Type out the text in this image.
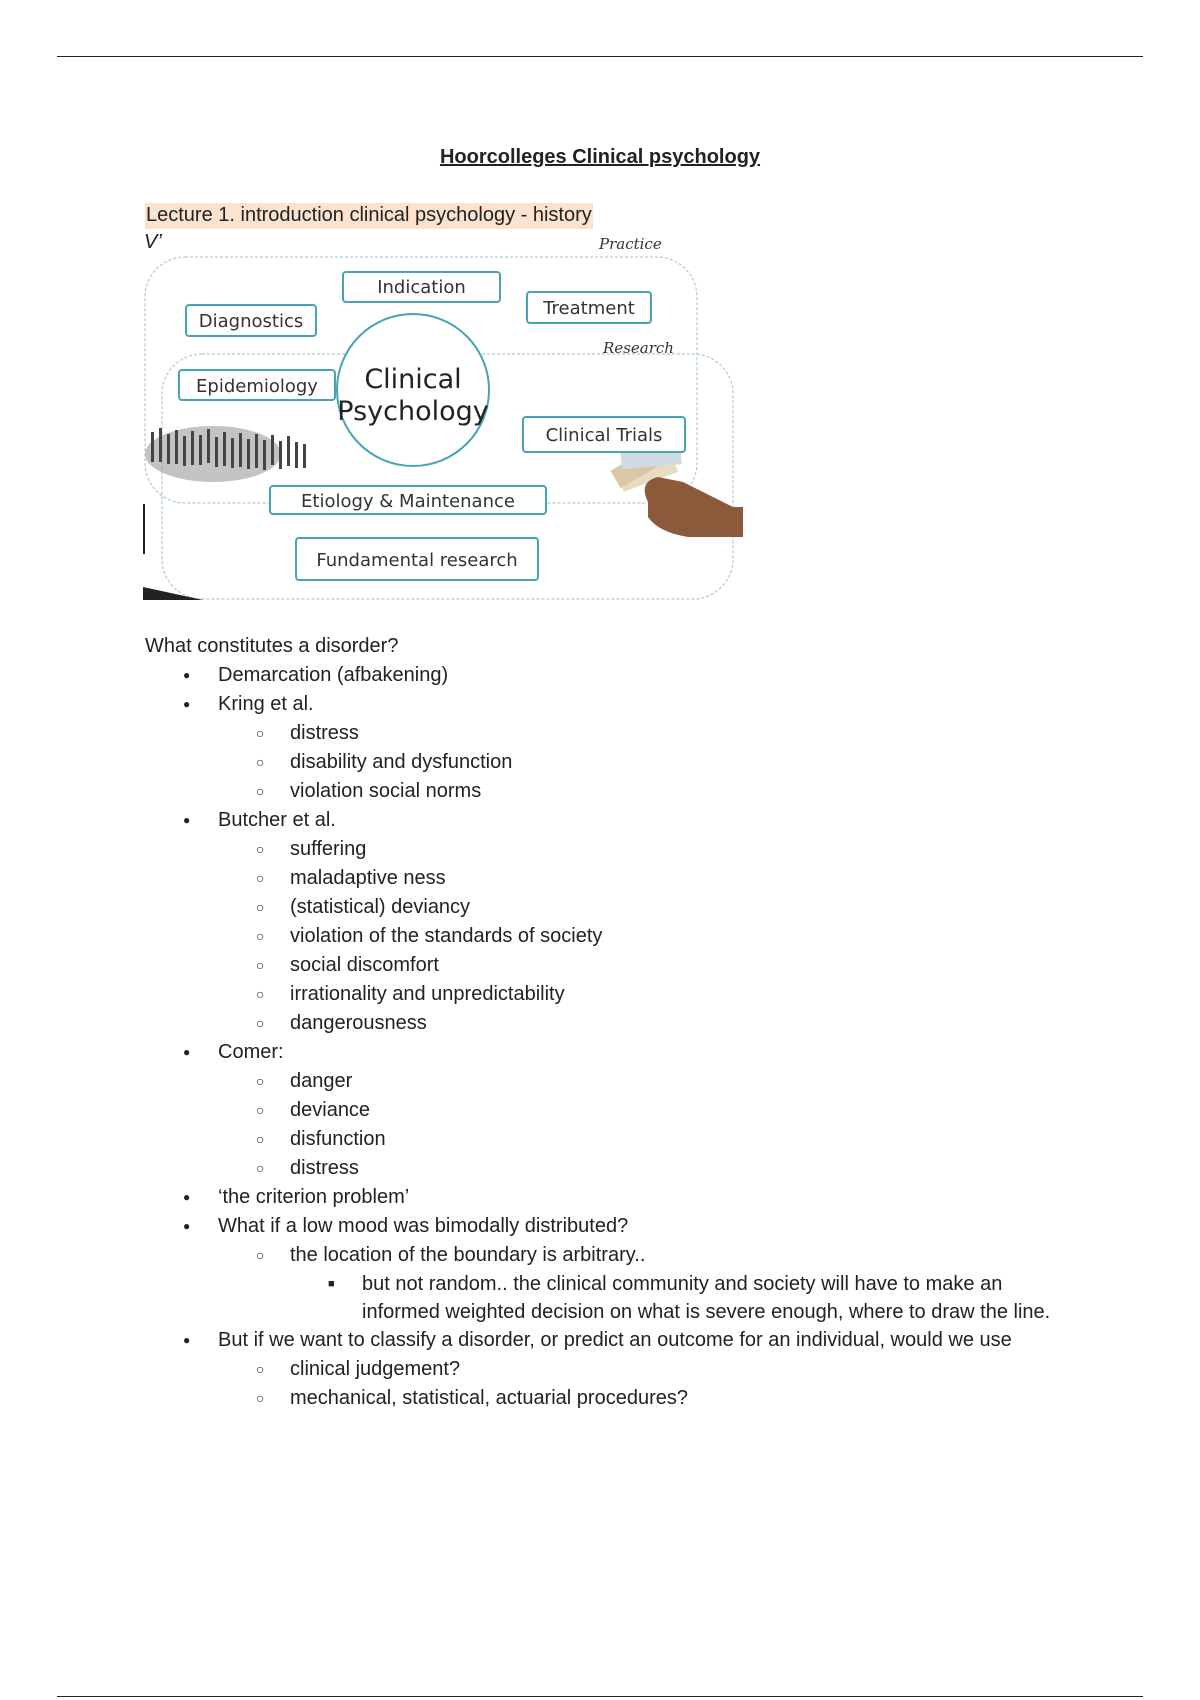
Hoorcolleges Clinical psychology
Lecture 1. introduction clinical psychology - history
V’	Practice
Research
Clinical
Psychology
Indication
Diagnostics
Treatment
Epidemiology
Clinical Trials
Etiology & Maintenance
Fundamental research

What constitutes a disorder?

● Demarcation (afbakening)
● Kring et al.
○ distress
○ disability and dysfunction
○ violation social norms
● Butcher et al.
○ suffering
○ maladaptive ness
○ (statistical) deviancy
○ violation of the standards of society
○ social discomfort
○ irrationality and unpredictability
○ dangerousness
● Comer:
○ danger
○ deviance
○ disfunction
○ distress
● ‘the criterion problem’
● What if a low mood was bimodally distributed?
○ the location of the boundary is arbitrary..
■ but not random.. the clinical community and society will have to make an informed weighted decision on what is severe enough, where to draw the line.
● But if we want to classify a disorder, or predict an outcome for an individual, would we use
○ clinical judgement?
○ mechanical, statistical, actuarial procedures?
